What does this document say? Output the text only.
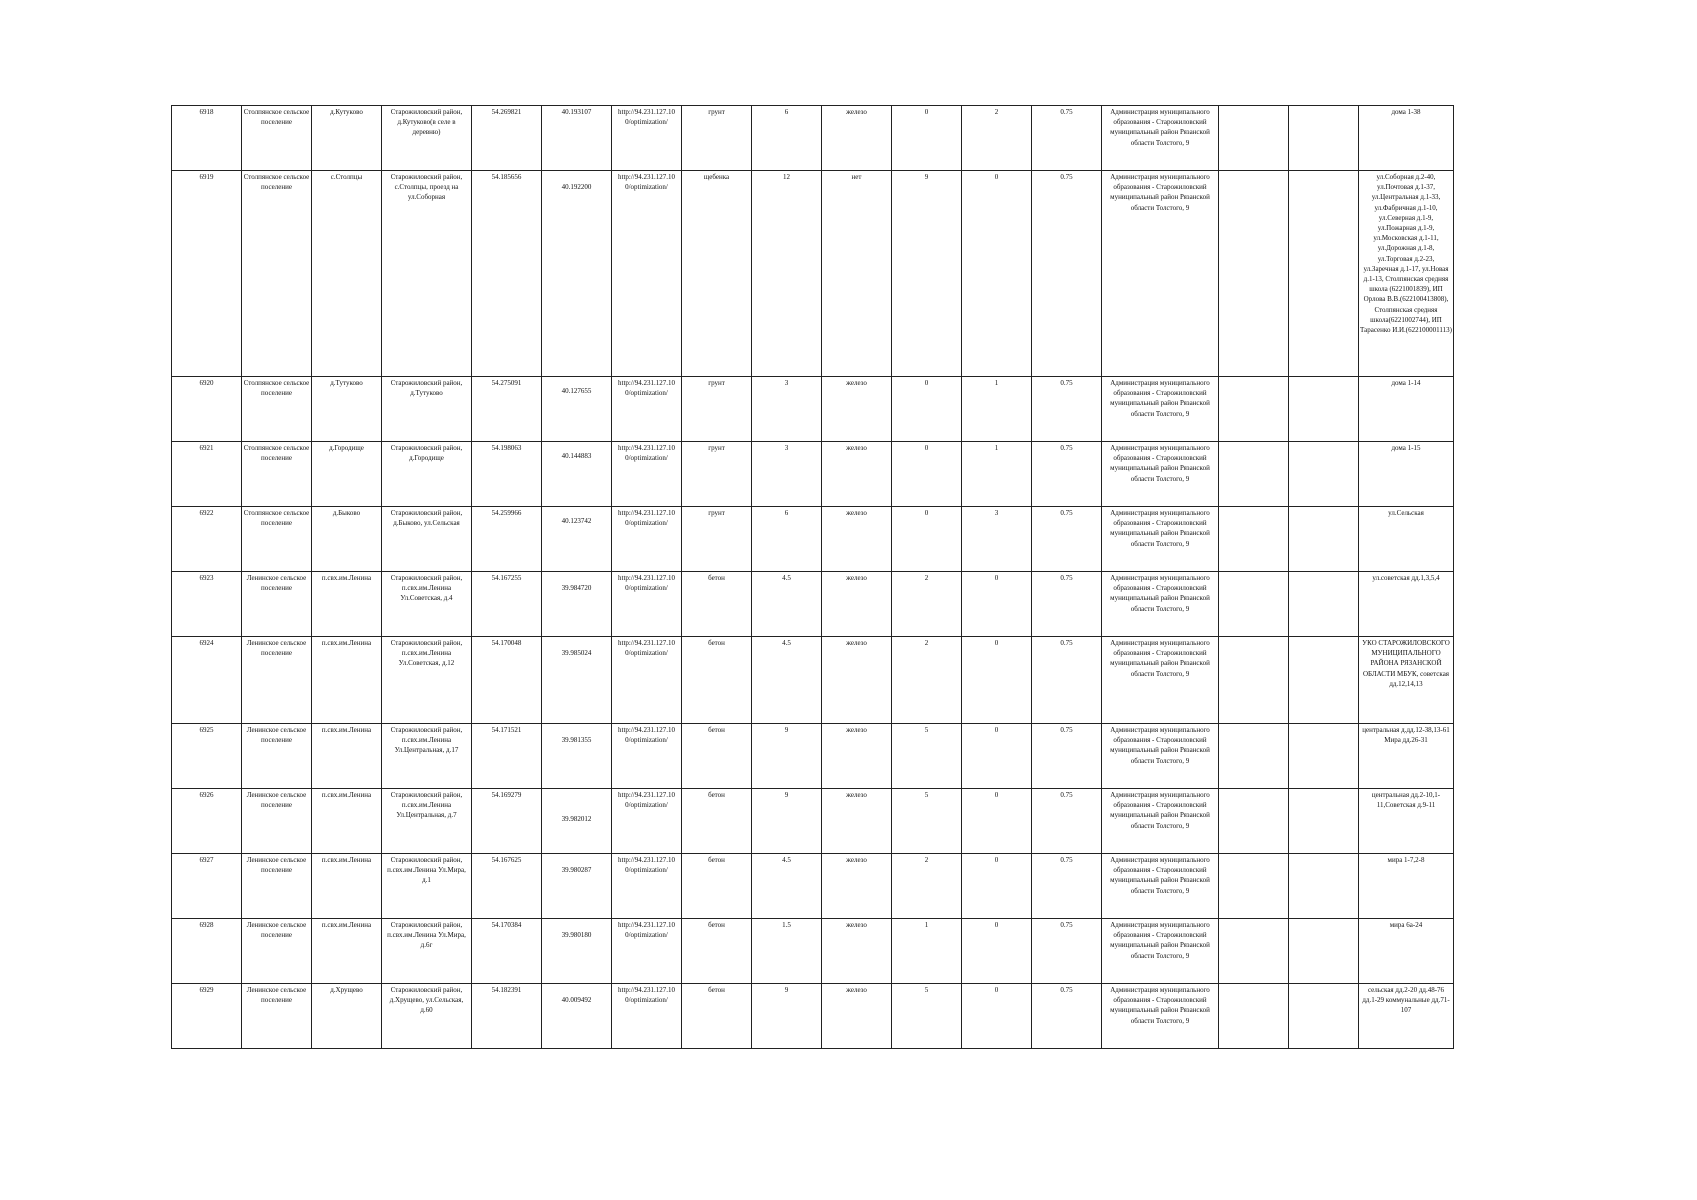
6918	Столпянское сельское поселение	д.Кутуково	Старожиловский район, д.Кутуково(в селе в деревню)	54.269821	40.193107	http://94.231.127.10 0/optimization/	грунт	6	железо	0	2	0.75	Администрация муниципального образования - Старожиловский муниципальный район Рязанской области Толстого, 9			дома 1-38
6919	Столпянское сельское поселение	с.Столпцы	Старожиловский район, с.Столпцы, проезд на ул.Соборная	54.185656	40.192200	http://94.231.127.10 0/optimization/	щебенка	12	нет	9	0	0.75	Администрация муниципального образования - Старожиловский муниципальный район Рязанской области Толстого, 9			ул.Соборная д.2-40, ул.Почтовая д.1-37, ул.Центральная д.1-33, ул.Фабричная д.1-10, ул.Северная д.1-9, ул.Пожарная д.1-9, ул.Московская д.1-11, ул.Дорожная д.1-8, ул.Торговая д.2-23, ул.Заречная д.1-17, ул.Новая д.1-13, Столпянская средняя школа (6221001839), ИП Орлова В.В.(622100413808), Столпянская средняя школа(6221002744), ИП Тарасенко И.И.(622100001113)
6920	Столпянское сельское поселение	д.Тутуково	Старожиловский район, д.Тутуково	54.275091	40.127655	http://94.231.127.10 0/optimization/	грунт	3	железо	0	1	0.75	Администрация муниципального образования - Старожиловский муниципальный район Рязанской области Толстого, 9			дома 1-14
6921	Столпянское сельское поселение	д.Городище	Старожиловский район, д.Городище	54.198063	40.144883	http://94.231.127.10 0/optimization/	грунт	3	железо	0	1	0.75	Администрация муниципального образования - Старожиловский муниципальный район Рязанской области Толстого, 9			дома 1-15
6922	Столпянское сельское поселение	д.Быково	Старожиловский район, д.Быково, ул.Сельская	54.259966	40.123742	http://94.231.127.10 0/optimization/	грунт	6	железо	0	3	0.75	Администрация муниципального образования - Старожиловский муниципальный район Рязанской области Толстого, 9			ул.Сельская
6923	Ленинское сельское поселение	п.свх.им.Ленина	Старожиловский район, п.свх.им.Ленина Ул.Советская, д.4	54.167255	39.984720	http://94.231.127.10 0/optimization/	бетон	4.5	железо	2	0	0.75	Администрация муниципального образования - Старожиловский муниципальный район Рязанской области Толстого, 9			ул.советская дд.1,3,5,4
6924	Ленинское сельское поселение	п.свх.им.Ленина	Старожиловский район, п.свх.им.Ленина Ул.Советская, д.12	54.170048	39.985024	http://94.231.127.10 0/optimization/	бетон	4.5	железо	2	0	0.75	Администрация муниципального образования - Старожиловский муниципальный район Рязанской области Толстого, 9			УКО СТАРОЖИЛОВСКОГО МУНИЦИПАЛЬНОГО РАЙОНА РЯЗАНСКОЙ ОБЛАСТИ МБУК, советская дд.12,14,13
6925	Ленинское сельское поселение	п.свх.им.Ленина	Старожиловский район, п.свх.им.Ленина Ул.Центральная, д.17	54.171521	39.981355	http://94.231.127.10 0/optimization/	бетон	9	железо	5	0	0.75	Администрация муниципального образования - Старожиловский муниципальный район Рязанской области Толстого, 9			центральная д.дд.12-38,13-61 Мира дд.26-31
6926	Ленинское сельское поселение	п.свх.им.Ленина	Старожиловский район, п.свх.им.Ленина Ул.Центральная, д.7	54.169279	39.982012	http://94.231.127.10 0/optimization/	бетон	9	железо	5	0	0.75	Администрация муниципального образования - Старожиловский муниципальный район Рязанской области Толстого, 9			центральная дд.2-10,1-11,Советская д.9-11
6927	Ленинское сельское поселение	п.свх.им.Ленина	Старожиловский район, п.свх.им.Ленина Ул.Мира, д.1	54.167625	39.980287	http://94.231.127.10 0/optimization/	бетон	4.5	железо	2	0	0.75	Администрация муниципального образования - Старожиловский муниципальный район Рязанской области Толстого, 9			мира 1-7,2-8
6928	Ленинское сельское поселение	п.свх.им.Ленина	Старожиловский район, п.свх.им.Ленина Ул.Мира, д.6г	54.170384	39.980180	http://94.231.127.10 0/optimization/	бетон	1.5	железо	1	0	0.75	Администрация муниципального образования - Старожиловский муниципальный район Рязанской области Толстого, 9			мира 6а-24
6929	Ленинское сельское поселение	д.Хрущево	Старожиловский район, д.Хрущево, ул.Сельская, д.60	54.182391	40.009492	http://94.231.127.10 0/optimization/	бетон	9	железо	5	0	0.75	Администрация муниципального образования - Старожиловский муниципальный район Рязанской области Толстого, 9			сельская дд.2-20 дд.48-76 дд.1-29 коммунальные дд.71-107
